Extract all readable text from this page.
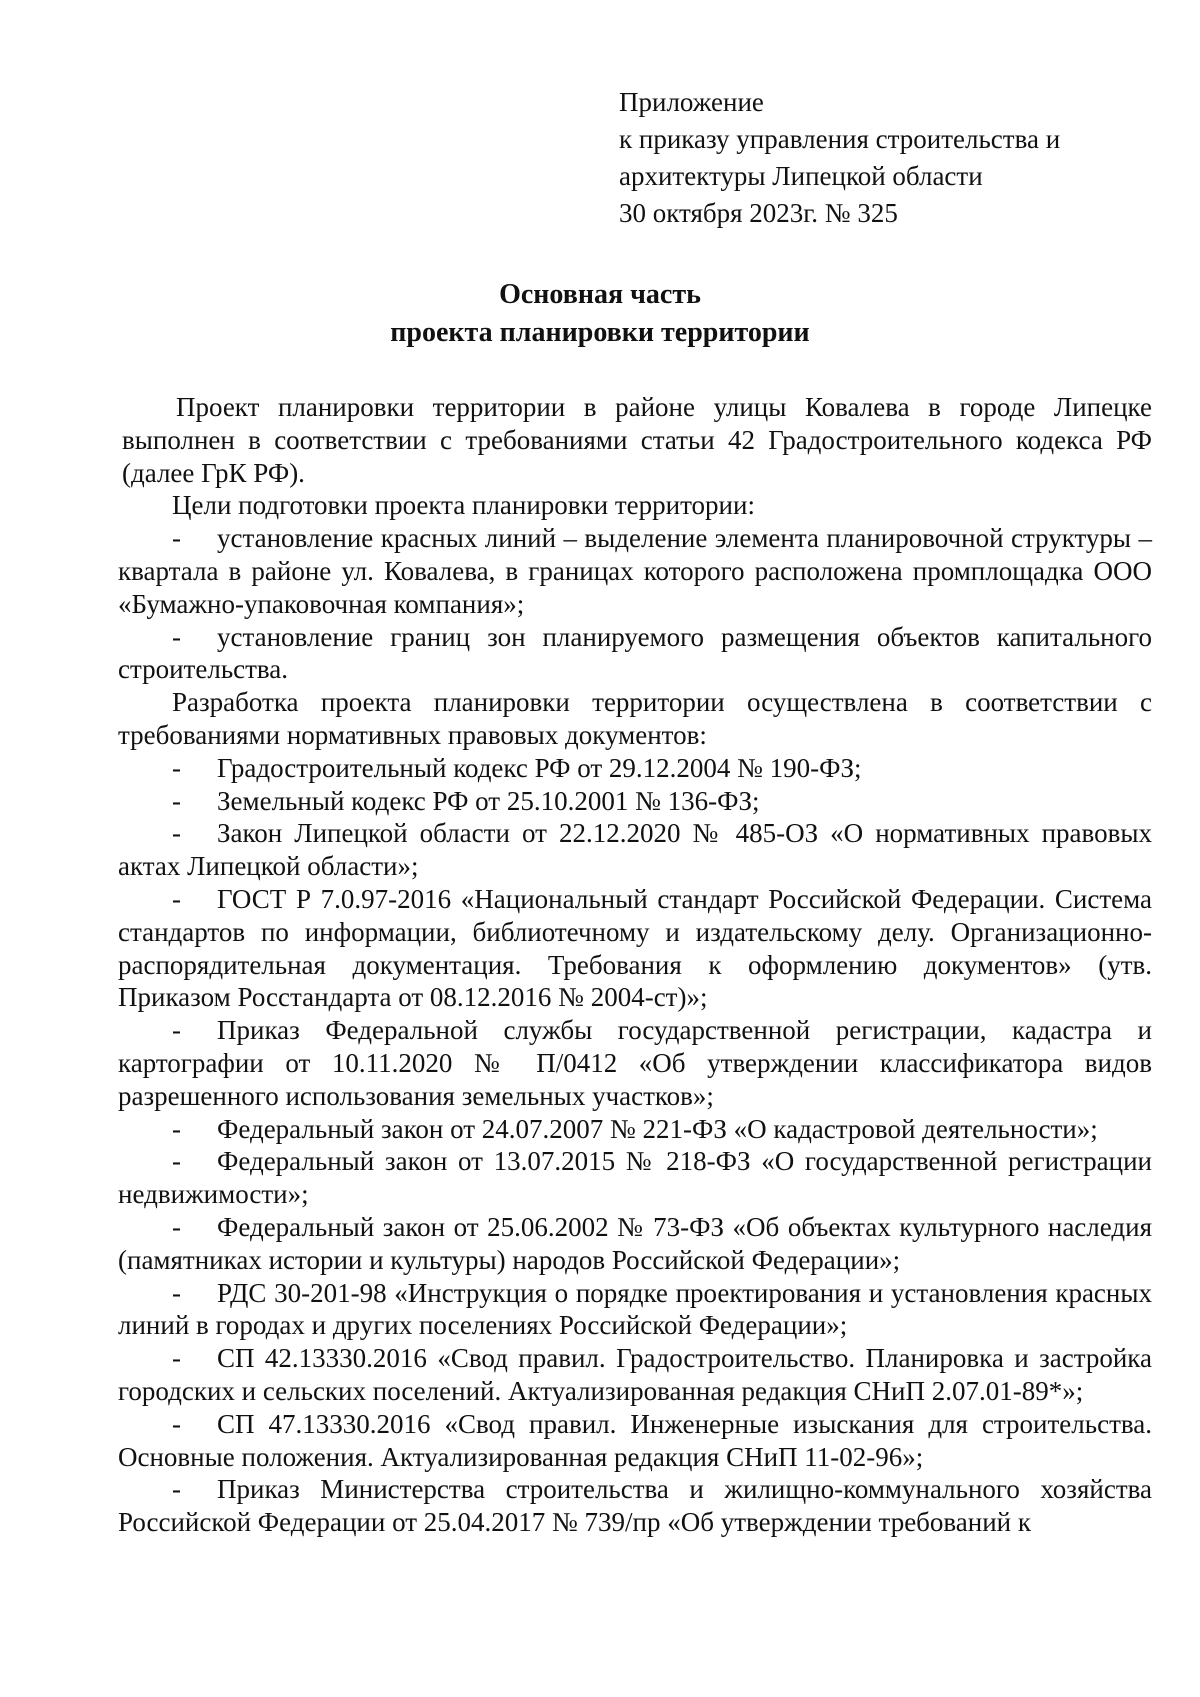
Приложение
к приказу управления строительства и
архитектуры Липецкой области
30 октября 2023г. № 325
Основная часть
проекта планировки территории

Проект планировки территории в районе улицы Ковалева в городе Липецке выполнен в соответствии с требованиями статьи 42 Градостроительного кодекса РФ (далее ГрК РФ).

Цели подготовки проекта планировки территории:

- установление красных линий – выделение элемента планировочной структуры – квартала в районе ул. Ковалева, в границах которого расположена промплощадка ООО «Бумажно-упаковочная компания»;

- установление границ зон планируемого размещения объектов капитального строительства.

Разработка проекта планировки территории осуществлена в соответствии с требованиями нормативных правовых документов:

- Градостроительный кодекс РФ от 29.12.2004 № 190-ФЗ;

- Земельный кодекс РФ от 25.10.2001 № 136-ФЗ;

- Закон Липецкой области от 22.12.2020 № 485-ОЗ «О нормативных правовых актах Липецкой области»;

- ГОСТ Р 7.0.97-2016 «Национальный стандарт Российской Федерации. Система стандартов по информации, библиотечному и издательскому делу. Организационно-распорядительная документация. Требования к оформлению документов» (утв. Приказом Росстандарта от 08.12.2016 № 2004-ст)»;

- Приказ Федеральной службы государственной регистрации, кадастра и картографии от 10.11.2020 № П/0412 «Об утверждении классификатора видов разрешенного использования земельных участков»;

- Федеральный закон от 24.07.2007 № 221-ФЗ «О кадастровой деятельности»;

- Федеральный закон от 13.07.2015 № 218-ФЗ «О государственной регистрации недвижимости»;

- Федеральный закон от 25.06.2002 № 73-ФЗ «Об объектах культурного наследия (памятниках истории и культуры) народов Российской Федерации»;

- РДС 30-201-98 «Инструкция о порядке проектирования и установления красных линий в городах и других поселениях Российской Федерации»;

- СП 42.13330.2016 «Свод правил. Градостроительство. Планировка и застройка городских и сельских поселений. Актуализированная редакция СНиП 2.07.01-89*»;

- СП 47.13330.2016 «Свод правил. Инженерные изыскания для строительства. Основные положения. Актуализированная редакция СНиП 11-02-96»;

- Приказ Министерства строительства и жилищно-коммунального хозяйства Российской Федерации от 25.04.2017 № 739/пр «Об утверждении требований к
